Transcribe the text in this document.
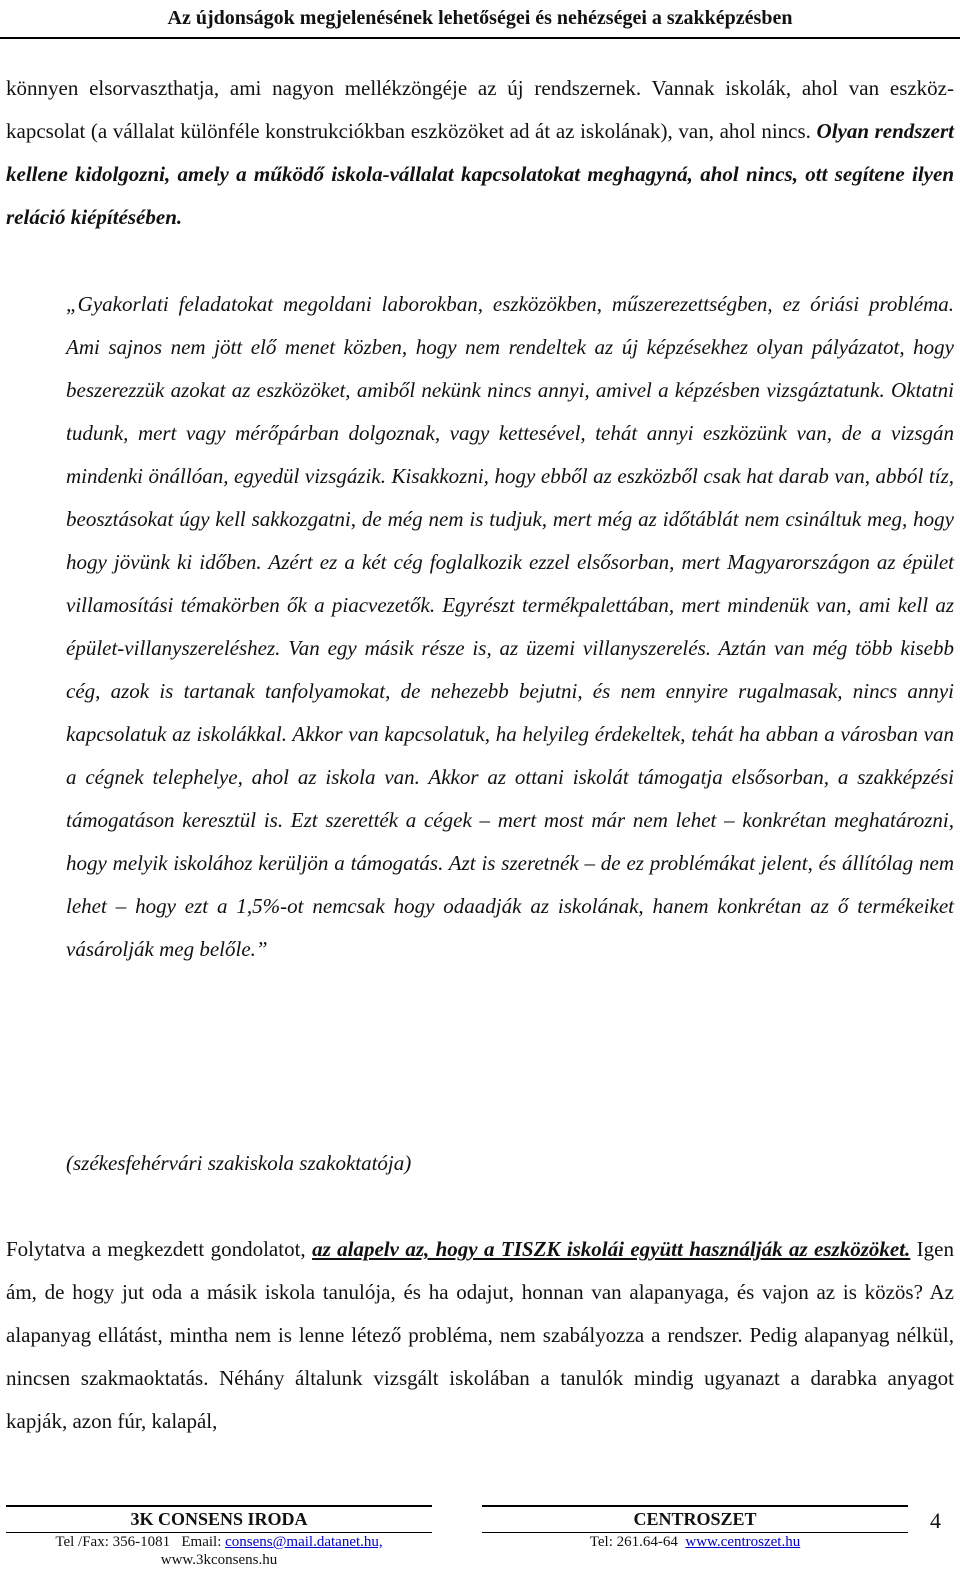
Az újdonságok megjelenésének lehetőségei és nehézségei a szakképzésben

könnyen elsorvaszthatja, ami nagyon mellékzöngéje az új rendszernek. Vannak iskolák, ahol van eszköz-kapcsolat (a vállalat különféle konstrukciókban eszközöket ad át az iskolának), van, ahol nincs. Olyan rendszert kellene kidolgozni, amely a működő iskola-vállalat kapcsolatokat meghagyná, ahol nincs, ott segítene ilyen reláció kiépítésében.

„Gyakorlati feladatokat megoldani laborokban, eszközökben, műszerezettségben, ez óriási probléma. Ami sajnos nem jött elő menet közben, hogy nem rendeltek az új képzésekhez olyan pályázatot, hogy beszerezzük azokat az eszközöket, amiből nekünk nincs annyi, amivel a képzésben vizsgáztatunk. Oktatni tudunk, mert vagy mérőpárban dolgoznak, vagy kettesével, tehát annyi eszközünk van, de a vizsgán mindenki önállóan, egyedül vizsgázik. Kisakkozni, hogy ebből az eszközből csak hat darab van, abból tíz, beosztásokat úgy kell sakkozgatni, de még nem is tudjuk, mert még az időtáblát nem csináltuk meg, hogy hogy jövünk ki időben. Azért ez a két cég foglalkozik ezzel elsősorban, mert Magyarországon az épület villamosítási témakörben ők a piacvezetők. Egyrészt termékpalettában, mert mindenük van, ami kell az épület-villanyszereléshez. Van egy másik része is, az üzemi villanyszerelés. Aztán van még több kisebb cég, azok is tartanak tanfolyamokat, de nehezebb bejutni, és nem ennyire rugalmasak, nincs annyi kapcsolatuk az iskolákkal. Akkor van kapcsolatuk, ha helyileg érdekeltek, tehát ha abban a városban van a cégnek telephelye, ahol az iskola van. Akkor az ottani iskolát támogatja elsősorban, a szakképzési támogatáson keresztül is. Ezt szerették a cégek – mert most már nem lehet – konkrétan meghatározni, hogy melyik iskolához kerüljön a támogatás. Azt is szeretnék – de ez problémákat jelent, és állítólag nem lehet – hogy ezt a 1,5%-ot nemcsak hogy odaadják az iskolának, hanem konkrétan az ő termékeiket vásárolják meg belőle.”

(székesfehérvári szakiskola szakoktatója)

Folytatva a megkezdett gondolatot, az alapelv az, hogy a TISZK iskolái együtt használják az eszközöket. Igen ám, de hogy jut oda a másik iskola tanulója, és ha odajut, honnan van alapanyaga, és vajon az is közös? Az alapanyag ellátást, mintha nem is lenne létező probléma, nem szabályozza a rendszer. Pedig alapanyag nélkül, nincsen szakmaoktatás. Néhány általunk vizsgált iskolában a tanulók mindig ugyanazt a darabka anyagot kapják, azon fúr, kalapál,

3K CONSENS IRODA
Tel /Fax: 356-1081 Email: consens@mail.datanet.hu,
www.3kconsens.hu
CENTROSZET
Tel: 261.64-64 www.centroszet.hu
4
